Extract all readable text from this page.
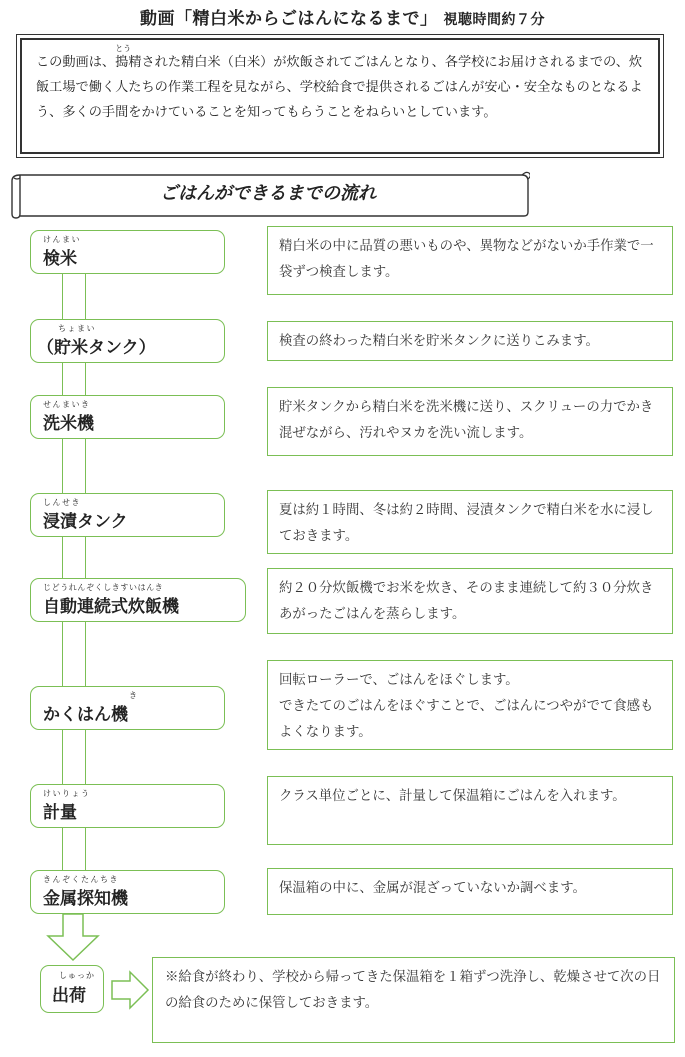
動画「精白米からごはんになるまで」 視聴時間約７分
この動画は、搗
とう
精された精白米（白米）が炊飯されてごはんとなり、各学校にお届けされるまでの、炊飯工場で働く人たちの作業工程を見ながら、学校給食で提供されるごはんが安心・安全なものとなるよう、多くの手間をかけていることを知ってもらうことをねらいとしています。
ごはんができるまでの流れ
けんまい
検米
精白米の中に品質の悪いものや、異物などがないか手作業で一袋ずつ検査します。
ちょまい
（貯米タンク）	検査の終わった精白米を貯米タンクに送りこみます。
せんまいき
洗米機
貯米タンクから精白米を洗米機に送り、スクリューの力でかき混ぜながら、汚れやヌカを洗い流します。
しんせき
浸漬タンク
夏は約１時間、冬は約２時間、浸漬タンクで精白米を水に浸しておきます。
じどうれんぞくしきすいはんき
自動連続式炊飯機
約２０分炊飯機でお米を炊き、そのまま連続して約３０分炊きあがったごはんを蒸らします。
き
かくはん機
回転ローラーで、ごはんをほぐします。
できたてのごはんをほぐすことで、ごはんにつやがでて食感もよくなります。
けいりょう
計量
クラス単位ごとに、計量して保温箱にごはんを入れます。
きんぞくたんちき
金属探知機
保温箱の中に、金属が混ざっていないか調べます。
しゅっか
出荷
※給食が終わり、学校から帰ってきた保温箱を１箱ずつ洗浄し、乾燥させて次の日の給食のために保管しておきます。
